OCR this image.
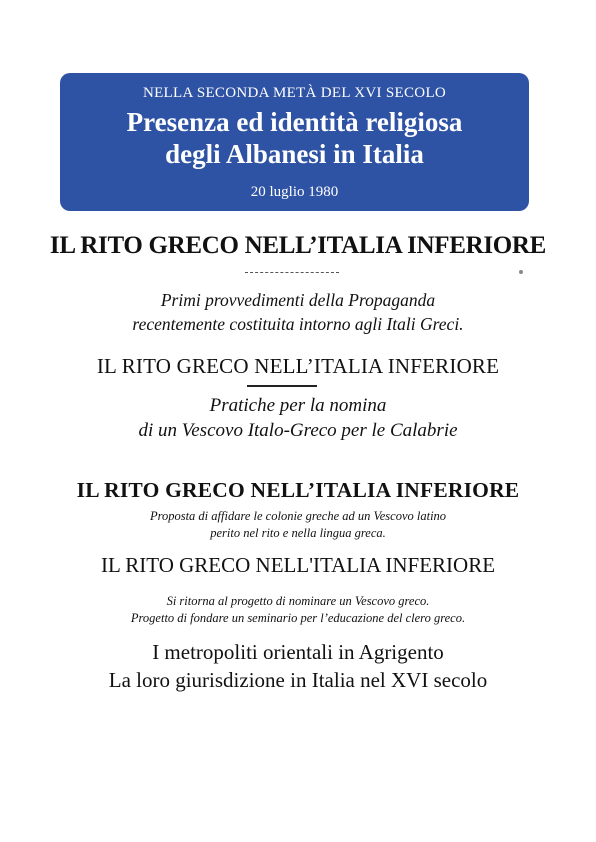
NELLA SECONDA METÀ DEL XVI SECOLO
Presenza ed identità religiosa
degli Albanesi in Italia
20 luglio 1980
IL RITO GRECO NELL’ITALIA INFERIORE
Primi provvedimenti della Propaganda
recentemente costituita intorno agli Itali Greci.
IL RITO GRECO NELL’ITALIA INFERIORE
Pratiche per la nomina
di un Vescovo Italo-Greco per le Calabrie
IL RITO GRECO NELL’ITALIA INFERIORE
Proposta di affidare le colonie greche ad un Vescovo latino
perito nel rito e nella lingua greca.
IL RITO GRECO NELL'ITALIA INFERIORE
Si ritorna al progetto di nominare un Vescovo greco.
Progetto di fondare un seminario per l’educazione del clero greco.
I metropoliti orientali in Agrigento
La loro giurisdizione in Italia nel XVI secolo
